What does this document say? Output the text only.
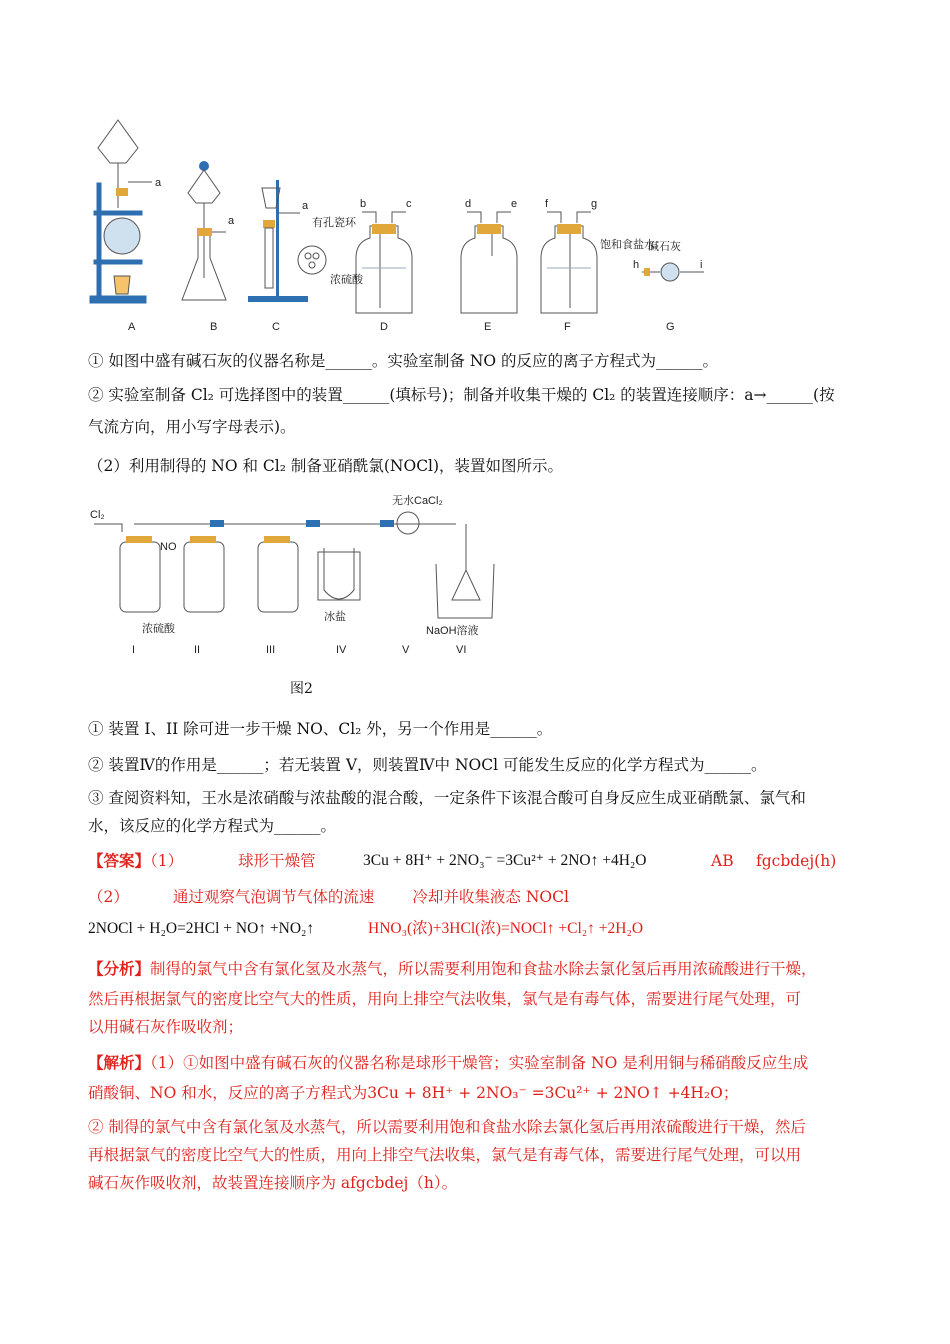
A	B	C	D	E	F	G
a
a
a	b	c	d	e	f	g
h	i
有孔瓷环
浓硫酸
饱和食盐水
碱石灰
① 如图中盛有碱石灰的仪器名称是______。实验室制备 NO 的反应的离子方程式为______。
② 实验室制备 Cl₂ 可选择图中的装置______(填标号)；制备并收集干燥的 Cl₂ 的装置连接顺序：a→______(按
气流方向，用小写字母表示)。
（2）利用制得的 NO 和 Cl₂ 制备亚硝酰氯(NOCl)，装置如图所示。
Cl₂
NO
无水CaCl₂
浓硫酸
冰盐
NaOH溶液
I	II	III	IV	V	VI
图2
① 装置 I、II 除可进一步干燥 NO、Cl₂ 外，另一个作用是______。
② 装置Ⅳ的作用是______；若无装置 V，则装置Ⅳ中 NOCl 可能发生反应的化学方程式为______。
③ 查阅资料知，王水是浓硝酸与浓盐酸的混合酸，一定条件下该混合酸可自身反应生成亚硝酰氯、氯气和
水，该反应的化学方程式为______。
【答案】（1）	球形干燥管	3Cu + 8H⁺ + 2NO₃⁻ =3Cu²⁺ + 2NO↑ +4H₂O	AB	fgcbdej(h)
（2）	通过观察气泡调节气体的流速 冷却并收集液态 NOCl
2NOCl + H₂O=2HCl + NO↑ +NO₂↑	HNO₃(浓)+3HCl(浓)=NOCl↑ +Cl₂↑ +2H₂O
【分析】制得的氯气中含有氯化氢及水蒸气，所以需要利用饱和食盐水除去氯化氢后再用浓硫酸进行干燥，
然后再根据氯气的密度比空气大的性质，用向上排空气法收集，氯气是有毒气体，需要进行尾气处理，可
以用碱石灰作吸收剂；
【解析】（1）①如图中盛有碱石灰的仪器名称是球形干燥管；实验室制备 NO 是利用铜与稀硝酸反应生成
硝酸铜、NO 和水，反应的离子方程式为3Cu + 8H⁺ + 2NO₃⁻ =3Cu²⁺ + 2NO↑ +4H₂O；
② 制得的氯气中含有氯化氢及水蒸气，所以需要利用饱和食盐水除去氯化氢后再用浓硫酸进行干燥，然后
再根据氯气的密度比空气大的性质，用向上排空气法收集，氯气是有毒气体，需要进行尾气处理，可以用
碱石灰作吸收剂，故装置连接顺序为 afgcbdej（h）。
